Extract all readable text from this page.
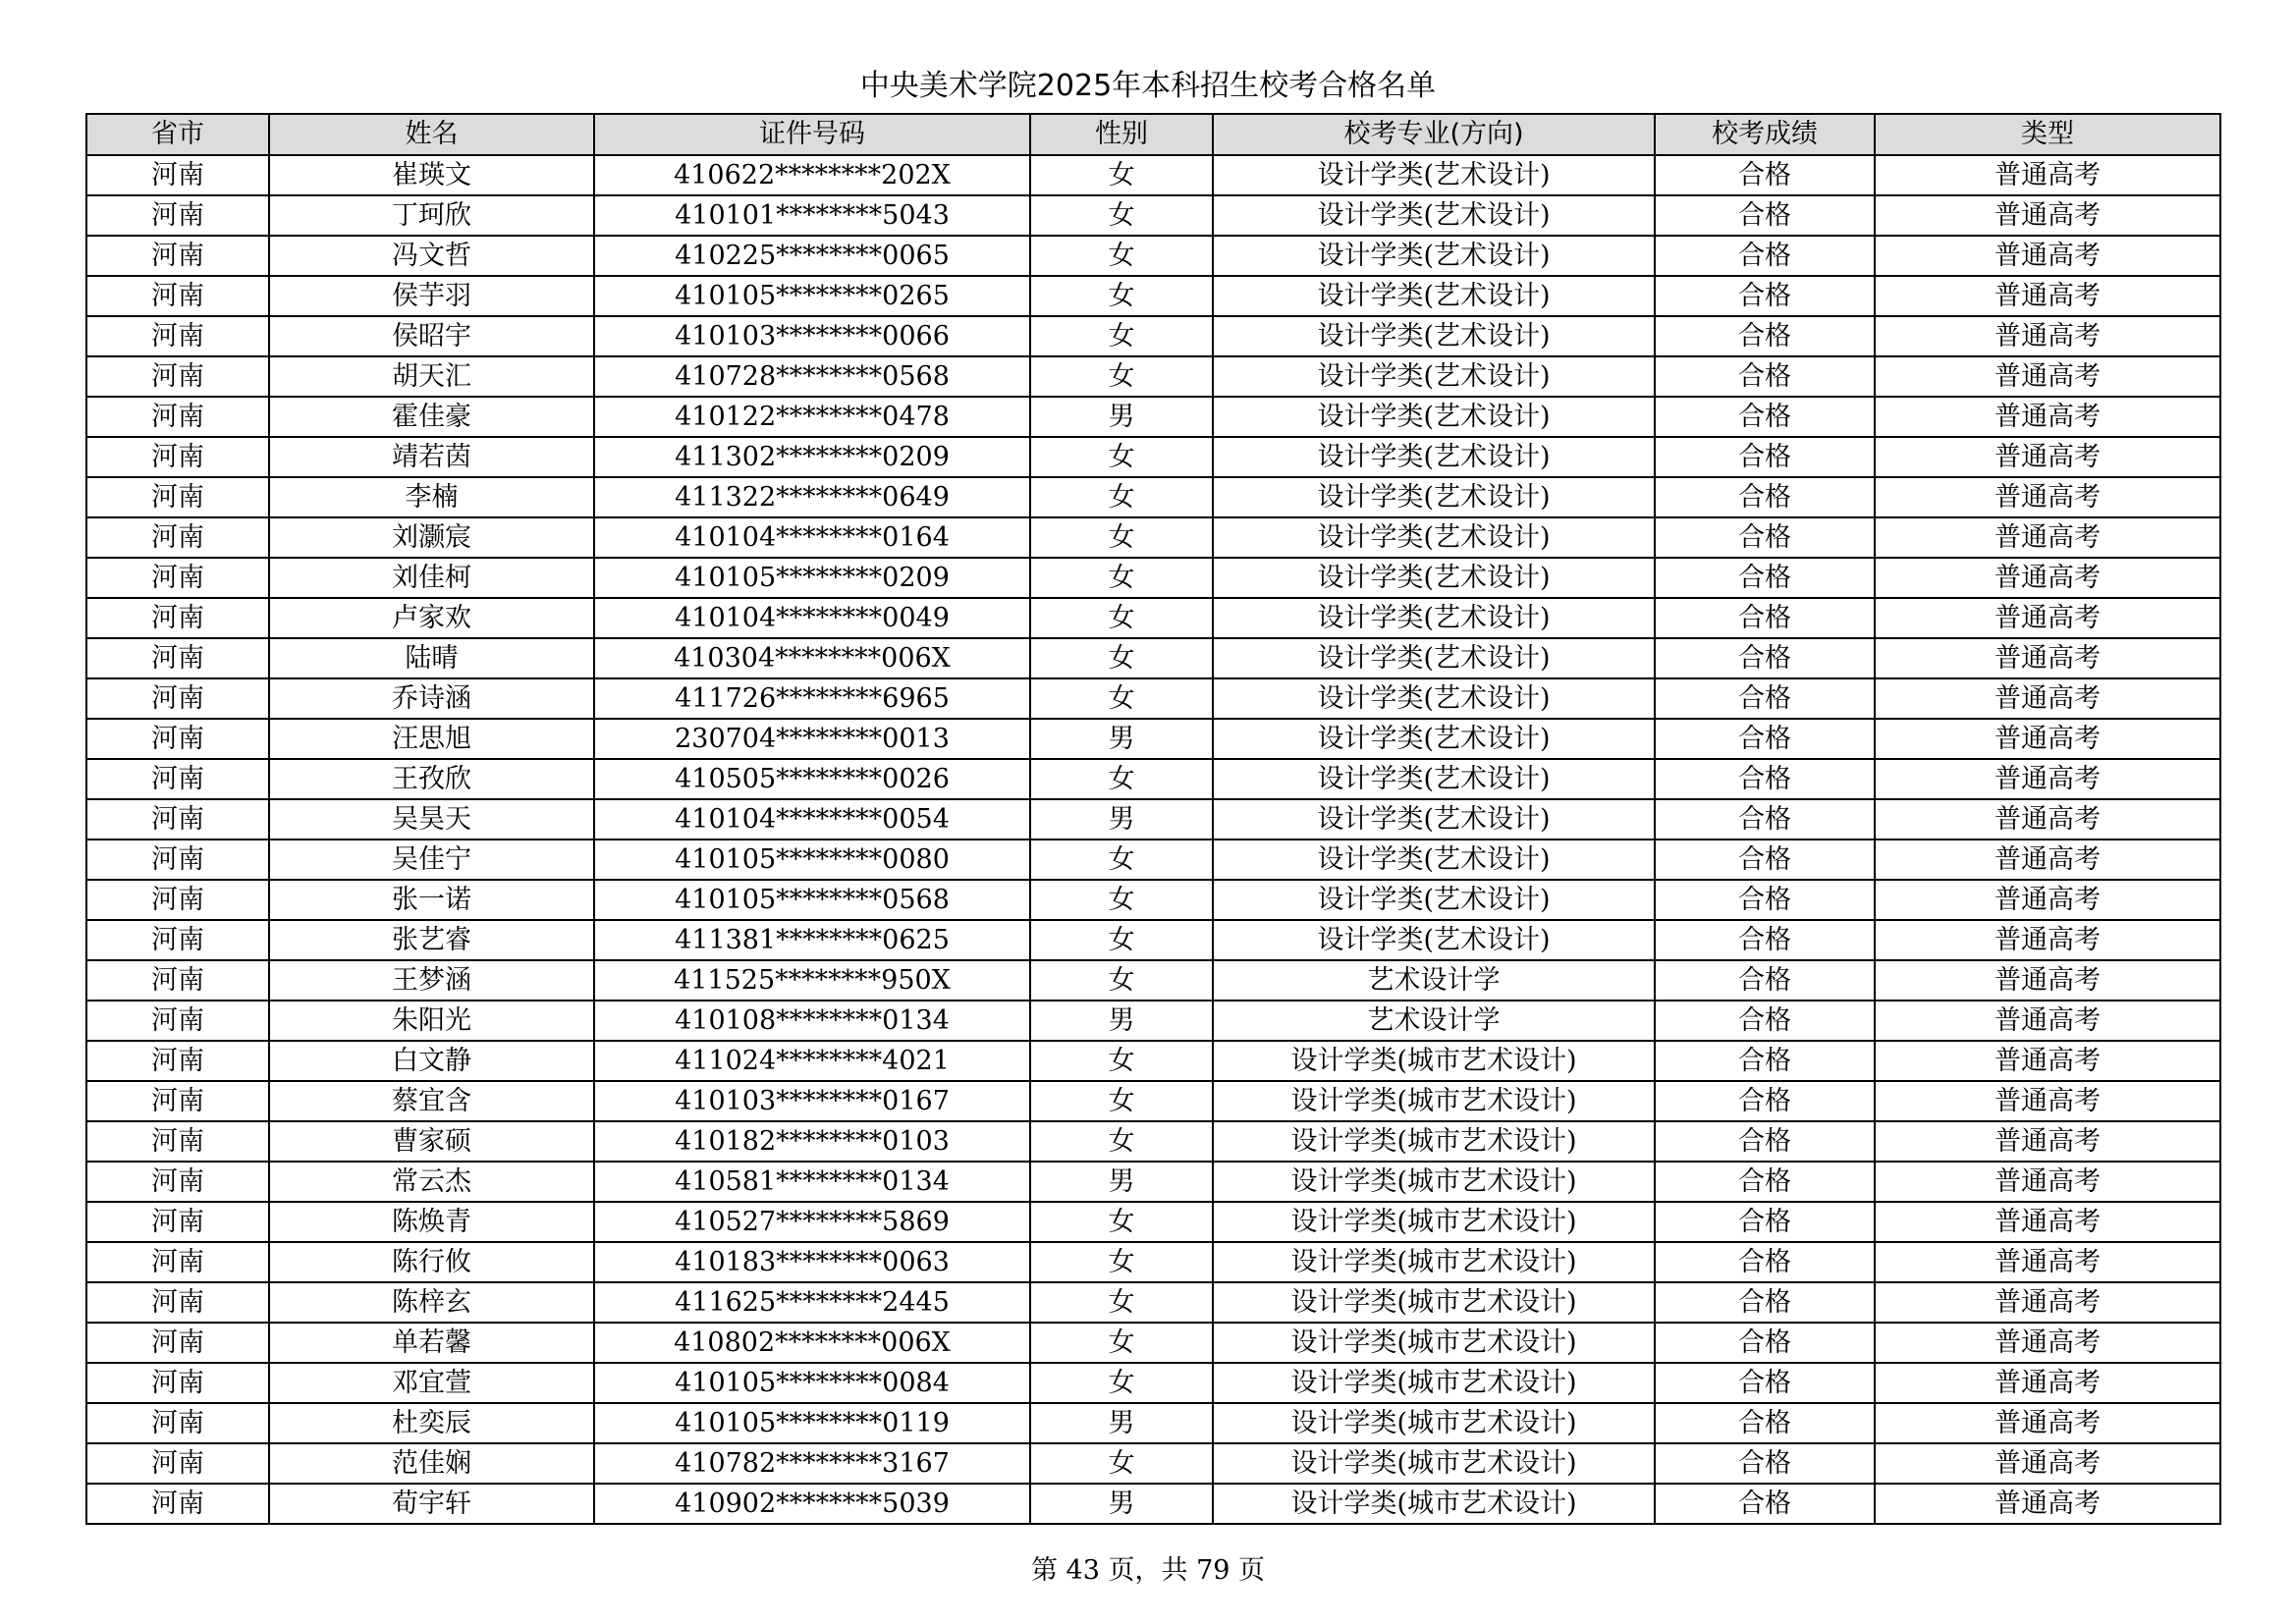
中央美术学院2025年本科招生校考合格名单
省市	姓名	证件号码	性别	校考专业(方向)	校考成绩	类型
河南	崔瑛文	410622********202X	女	设计学类(艺术设计)	合格	普通高考
河南	丁珂欣	410101********5043	女	设计学类(艺术设计)	合格	普通高考
河南	冯文哲	410225********0065	女	设计学类(艺术设计)	合格	普通高考
河南	侯芋羽	410105********0265	女	设计学类(艺术设计)	合格	普通高考
河南	侯昭宇	410103********0066	女	设计学类(艺术设计)	合格	普通高考
河南	胡天汇	410728********0568	女	设计学类(艺术设计)	合格	普通高考
河南	霍佳豪	410122********0478	男	设计学类(艺术设计)	合格	普通高考
河南	靖若茵	411302********0209	女	设计学类(艺术设计)	合格	普通高考
河南	李楠	411322********0649	女	设计学类(艺术设计)	合格	普通高考
河南	刘灏宸	410104********0164	女	设计学类(艺术设计)	合格	普通高考
河南	刘佳柯	410105********0209	女	设计学类(艺术设计)	合格	普通高考
河南	卢家欢	410104********0049	女	设计学类(艺术设计)	合格	普通高考
河南	陆晴	410304********006X	女	设计学类(艺术设计)	合格	普通高考
河南	乔诗涵	411726********6965	女	设计学类(艺术设计)	合格	普通高考
河南	汪思旭	230704********0013	男	设计学类(艺术设计)	合格	普通高考
河南	王孜欣	410505********0026	女	设计学类(艺术设计)	合格	普通高考
河南	吴昊天	410104********0054	男	设计学类(艺术设计)	合格	普通高考
河南	吴佳宁	410105********0080	女	设计学类(艺术设计)	合格	普通高考
河南	张一诺	410105********0568	女	设计学类(艺术设计)	合格	普通高考
河南	张艺睿	411381********0625	女	设计学类(艺术设计)	合格	普通高考
河南	王梦涵	411525********950X	女	艺术设计学	合格	普通高考
河南	朱阳光	410108********0134	男	艺术设计学	合格	普通高考
河南	白文静	411024********4021	女	设计学类(城市艺术设计)	合格	普通高考
河南	蔡宜含	410103********0167	女	设计学类(城市艺术设计)	合格	普通高考
河南	曹家硕	410182********0103	女	设计学类(城市艺术设计)	合格	普通高考
河南	常云杰	410581********0134	男	设计学类(城市艺术设计)	合格	普通高考
河南	陈焕青	410527********5869	女	设计学类(城市艺术设计)	合格	普通高考
河南	陈行攸	410183********0063	女	设计学类(城市艺术设计)	合格	普通高考
河南	陈梓玄	411625********2445	女	设计学类(城市艺术设计)	合格	普通高考
河南	单若馨	410802********006X	女	设计学类(城市艺术设计)	合格	普通高考
河南	邓宜萱	410105********0084	女	设计学类(城市艺术设计)	合格	普通高考
河南	杜奕辰	410105********0119	男	设计学类(城市艺术设计)	合格	普通高考
河南	范佳娴	410782********3167	女	设计学类(城市艺术设计)	合格	普通高考
河南	荀宇轩	410902********5039	男	设计学类(城市艺术设计)	合格	普通高考
第 43 页，共 79 页
